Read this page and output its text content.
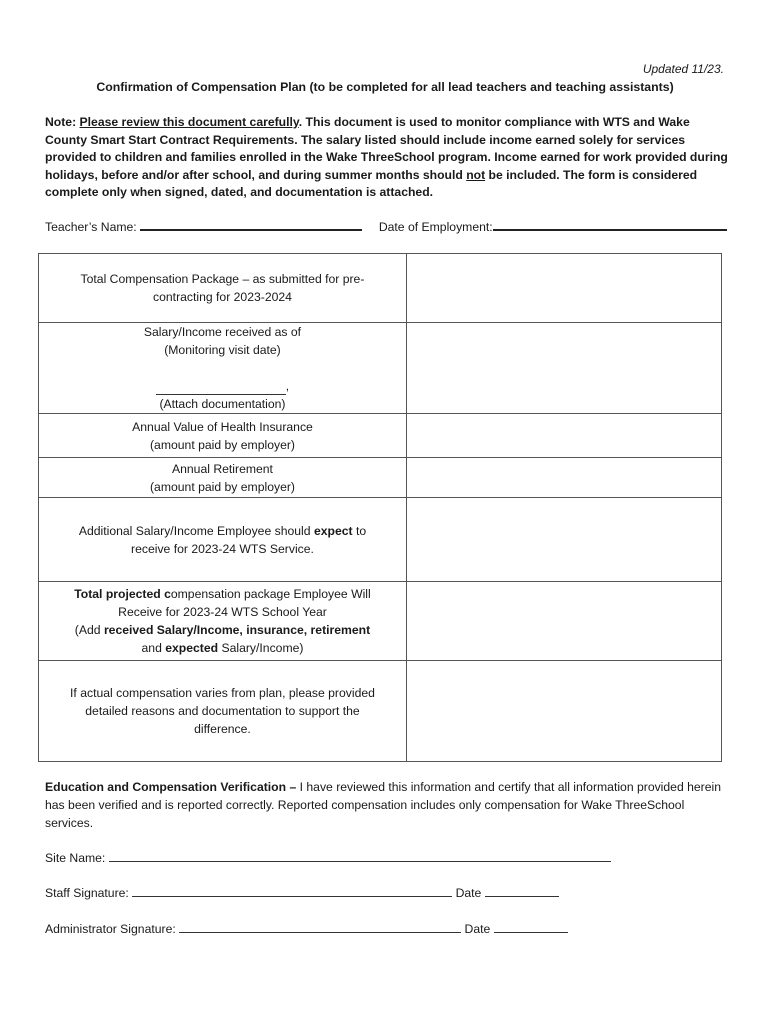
Updated 11/23.
Confirmation of Compensation Plan (to be completed for all lead teachers and teaching assistants)
Note: Please review this document carefully. This document is used to monitor compliance with WTS and Wake County Smart Start Contract Requirements. The salary listed should include income earned solely for services provided to children and families enrolled in the Wake ThreeSchool program. Income earned for work provided during holidays, before and/or after school, and during summer months should not be included. The form is considered complete only when signed, dated, and documentation is attached.
Teacher’s Name:	Date of Employment:
Total Compensation Package – as submitted for pre-
contracting for 2023-2024	

Salary/Income received as of
(Monitoring visit date)
,
(Attach documentation)	

Annual Value of Health Insurance
(amount paid by employer)	

Annual Retirement
(amount paid by employer)	

Additional Salary/Income Employee should expect to
receive for 2023-24 WTS Service.	

Total projected compensation package Employee Will
Receive for 2023-24 WTS School Year
(Add received Salary/Income, insurance, retirement
and expected Salary/Income)	

If actual compensation varies from plan, please provided
detailed reasons and documentation to support the
difference.	

Education and Compensation Verification – I have reviewed this information and certify that all information provided herein has been verified and is reported correctly. Reported compensation includes only compensation for Wake ThreeSchool services.
Site Name:
Staff Signature:	Date
Administrator Signature:	Date
